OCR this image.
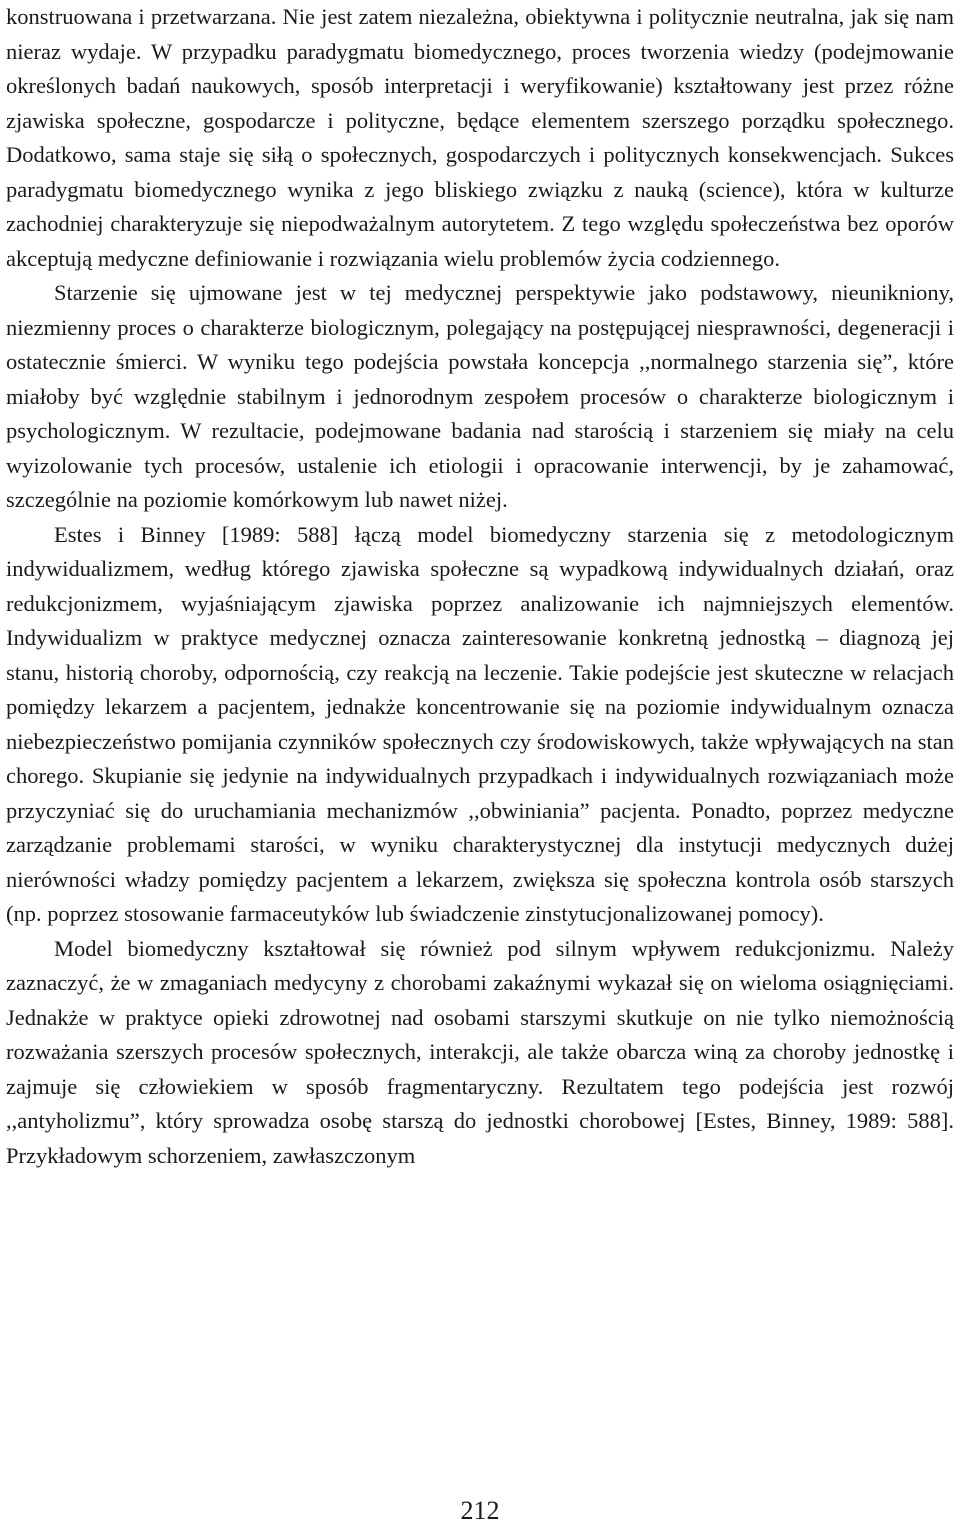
konstruowana i przetwarzana. Nie jest zatem niezależna, obiektywna i politycznie neutralna, jak się nam nieraz wydaje. W przypadku paradygmatu biomedycznego, proces tworzenia wiedzy (podejmowanie określonych badań naukowych, sposób interpretacji i weryfikowanie) kształtowany jest przez różne zjawiska społeczne, gospodarcze i polityczne, będące elementem szerszego porządku społecznego. Dodatkowo, sama staje się siłą o społecznych, gospodarczych i politycznych konsekwencjach. Sukces paradygmatu biomedycznego wynika z jego bliskiego związku z nauką (science), która w kulturze zachodniej charakteryzuje się niepodważalnym autorytetem. Z tego względu społeczeństwa bez oporów akceptują medyczne definiowanie i rozwiązania wielu problemów życia codziennego.

Starzenie się ujmowane jest w tej medycznej perspektywie jako podstawowy, nieunikniony, niezmienny proces o charakterze biologicznym, polegający na postępującej niesprawności, degeneracji i ostatecznie śmierci. W wyniku tego podejścia powstała koncepcja ,,normalnego starzenia się”, które miałoby być względnie stabilnym i jednorodnym zespołem procesów o charakterze biologicznym i psychologicznym. W rezultacie, podejmowane badania nad starością i starzeniem się miały na celu wyizolowanie tych procesów, ustalenie ich etiologii i opracowanie interwencji, by je zahamować, szczególnie na poziomie komórkowym lub nawet niżej.

Estes i Binney [1989: 588] łączą model biomedyczny starzenia się z metodologicznym indywidualizmem, według którego zjawiska społeczne są wypadkową indywidualnych działań, oraz redukcjonizmem, wyjaśniającym zjawiska poprzez analizowanie ich najmniejszych elementów. Indywidualizm w praktyce medycznej oznacza zainteresowanie konkretną jednostką – diagnozą jej stanu, historią choroby, odpornością, czy reakcją na leczenie. Takie podejście jest skuteczne w relacjach pomiędzy lekarzem a pacjentem, jednakże koncentrowanie się na poziomie indywidualnym oznacza niebezpieczeństwo pomijania czynników społecznych czy środowiskowych, także wpływających na stan chorego. Skupianie się jedynie na indywidualnych przypadkach i indywidualnych rozwiązaniach może przyczyniać się do uruchamiania mechanizmów ,,obwiniania” pacjenta. Ponadto, poprzez medyczne zarządzanie problemami starości, w wyniku charakterystycznej dla instytucji medycznych dużej nierówności władzy pomiędzy pacjentem a lekarzem, zwiększa się społeczna kontrola osób starszych (np. poprzez stosowanie farmaceutyków lub świadczenie zinstytucjonalizowanej pomocy).

Model biomedyczny kształtował się również pod silnym wpływem redukcjonizmu. Należy zaznaczyć, że w zmaganiach medycyny z chorobami zakaźnymi wykazał się on wieloma osiągnięciami. Jednakże w praktyce opieki zdrowotnej nad osobami starszymi skutkuje on nie tylko niemożnością rozważania szerszych procesów społecznych, interakcji, ale także obarcza winą za choroby jednostkę i zajmuje się człowiekiem w sposób fragmentaryczny. Rezultatem tego podejścia jest rozwój ,,antyholizmu”, który sprowadza osobę starszą do jednostki chorobowej [Estes, Binney, 1989: 588]. Przykładowym schorzeniem, zawłaszczonym

212
